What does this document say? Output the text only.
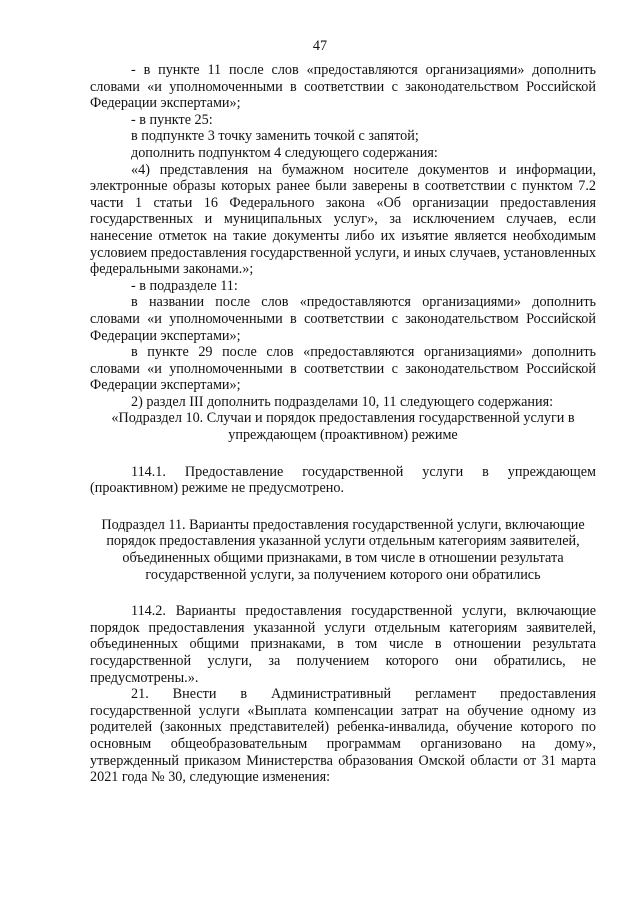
47

- в пункте 11 после слов «предоставляются организациями» дополнить словами «и уполномоченными в соответствии с законодательством Российской Федерации экспертами»;

- в пункте 25:

в подпункте 3 точку заменить точкой с запятой;

дополнить подпунктом 4 следующего содержания:

«4) представления на бумажном носителе документов и информации, электронные образы которых ранее были заверены в соответствии с пунктом 7.2 части 1 статьи 16 Федерального закона «Об организации предоставления государственных и муниципальных услуг», за исключением случаев, если нанесение отметок на такие документы либо их изъятие является необходимым условием предоставления государственной услуги, и иных случаев, установленных федеральными законами.»;

- в подразделе 11:

в названии после слов «предоставляются организациями» дополнить словами «и уполномоченными в соответствии с законодательством Российской Федерации экспертами»;

в пункте 29 после слов «предоставляются организациями» дополнить словами «и уполномоченными в соответствии с законодательством Российской Федерации экспертами»;

2) раздел III дополнить подразделами 10, 11 следующего содержания:

«Подраздел 10. Случаи и порядок предоставления государственной услуги в упреждающем (проактивном) режиме

114.1. Предоставление государственной услуги в упреждающем (проактивном) режиме не предусмотрено.

Подраздел 11. Варианты предоставления государственной услуги, включающие порядок предоставления указанной услуги отдельным категориям заявителей, объединенных общими признаками, в том числе в отношении результата государственной услуги, за получением которого они обратились

114.2. Варианты предоставления государственной услуги, включающие порядок предоставления указанной услуги отдельным категориям заявителей, объединенных общими признаками, в том числе в отношении результата государственной услуги, за получением которого они обратились, не предусмотрены.».

21. Внести в Административный регламент предоставления государственной услуги «Выплата компенсации затрат на обучение одному из родителей (законных представителей) ребенка-инвалида, обучение которого по основным общеобразовательным программам организовано на дому», утвержденный приказом Министерства образования Омской области от 31 марта 2021 года № 30, следующие изменения:
